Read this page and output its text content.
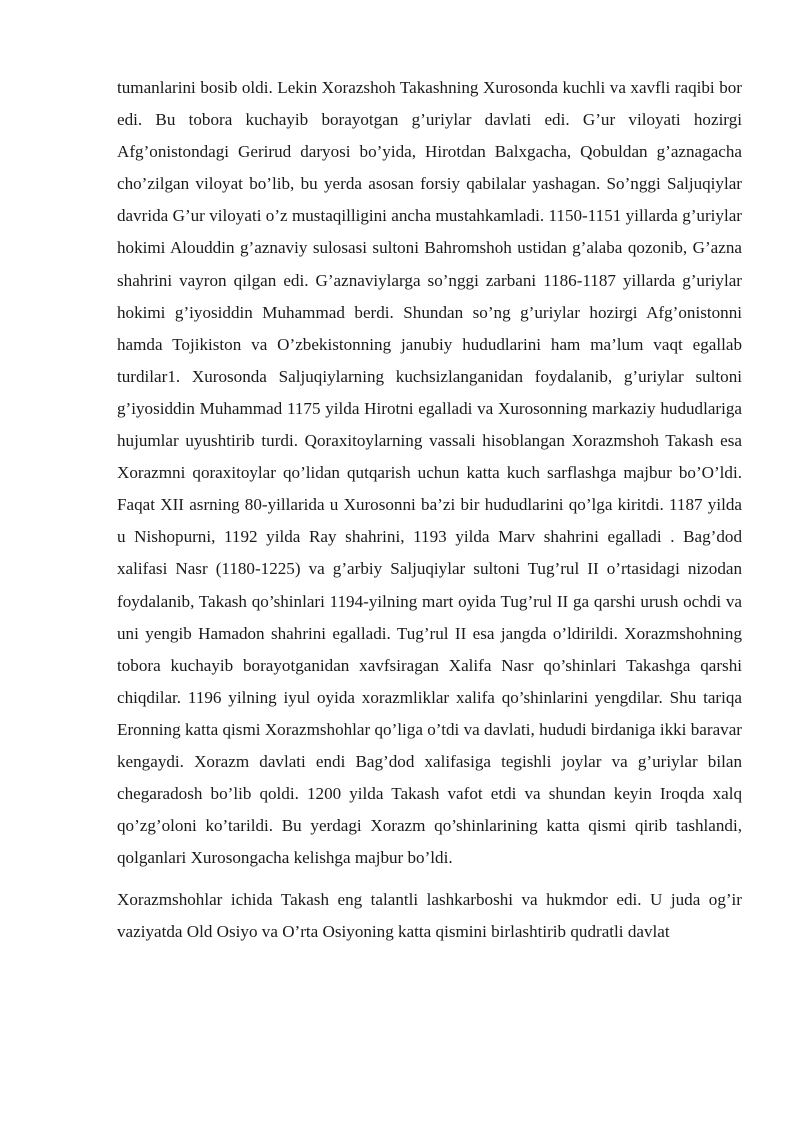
tumanlarini bosib oldi. Lekin Xorazshoh Takashning Xurosonda kuchli va xavfli raqibi bor edi. Bu tobora kuchayib borayotgan g’uriylar davlati edi. G’ur viloyati hozirgi Afg’onistondagi Gerirud daryosi bo’yida, Hirotdan Balxgacha, Qobuldan g’aznagacha cho’zilgan viloyat bo’lib, bu yerda asosan forsiy qabilalar yashagan. So’nggi Saljuqiylar davrida G’ur viloyati o’z mustaqilligini ancha mustahkamladi. 1150-1151 yillarda g’uriylar hokimi Alouddin g’aznaviy sulosasi sultoni Bahromshoh ustidan g’alaba qozonib, G’azna shahrini vayron qilgan edi. G’aznaviylarga so’nggi zarbani 1186-1187 yillarda g’uriylar hokimi g’iyosiddin Muhammad berdi. Shundan so’ng g’uriylar hozirgi Afg’onistonni hamda Tojikiston va O’zbekistonning janubiy hududlarini ham ma’lum vaqt egallab turdilar1. Xurosonda Saljuqiylarning kuchsizlanganidan foydalanib, g’uriylar sultoni g’iyosiddin Muhammad 1175 yilda Hirotni egalladi va Xurosonning markaziy hududlariga hujumlar uyushtirib turdi. Qoraxitoylarning vassali hisoblangan Xorazmshoh Takash esa Xorazmni qoraxitoylar qo’lidan qutqarish uchun katta kuch sarflashga majbur bo’O’ldi. Faqat XII asrning 80-yillarida u Xurosonni ba’zi bir hududlarini qo’lga kiritdi. 1187 yilda u Nishopurni, 1192 yilda Ray shahrini, 1193 yilda Marv shahrini egalladi . Bag’dod xalifasi Nasr (1180-1225) va g’arbiy Saljuqiylar sultoni Tug’rul II o’rtasidagi nizodan foydalanib, Takash qo’shinlari 1194-yilning mart oyida Tug’rul II ga qarshi urush ochdi va uni yengib Hamadon shahrini egalladi. Tug’rul II esa jangda o’ldirildi. Xorazmshohning tobora kuchayib borayotganidan xavfsiragan Xalifa Nasr qo’shinlari Takashga qarshi chiqdilar. 1196 yilning iyul oyida xorazmliklar xalifa qo’shinlarini yengdilar. Shu tariqa Eronning katta qismi Xorazmshohlar qo’liga o’tdi va davlati, hududi birdaniga ikki baravar kengaydi. Xorazm davlati endi Bag’dod xalifasiga tegishli joylar va g’uriylar bilan chegaradosh bo’lib qoldi. 1200 yilda Takash vafot etdi va shundan keyin Iroqda xalq qo’zg’oloni ko’tarildi. Bu yerdagi Xorazm qo’shinlarining katta qismi qirib tashlandi, qolganlari Xurosongacha kelishga majbur bo’ldi.

Xorazmshohlar ichida Takash eng talantli lashkarboshi va hukmdor edi. U juda og’ir vaziyatda Old Osiyo va O’rta Osiyoning katta qismini birlashtirib qudratli davlat
